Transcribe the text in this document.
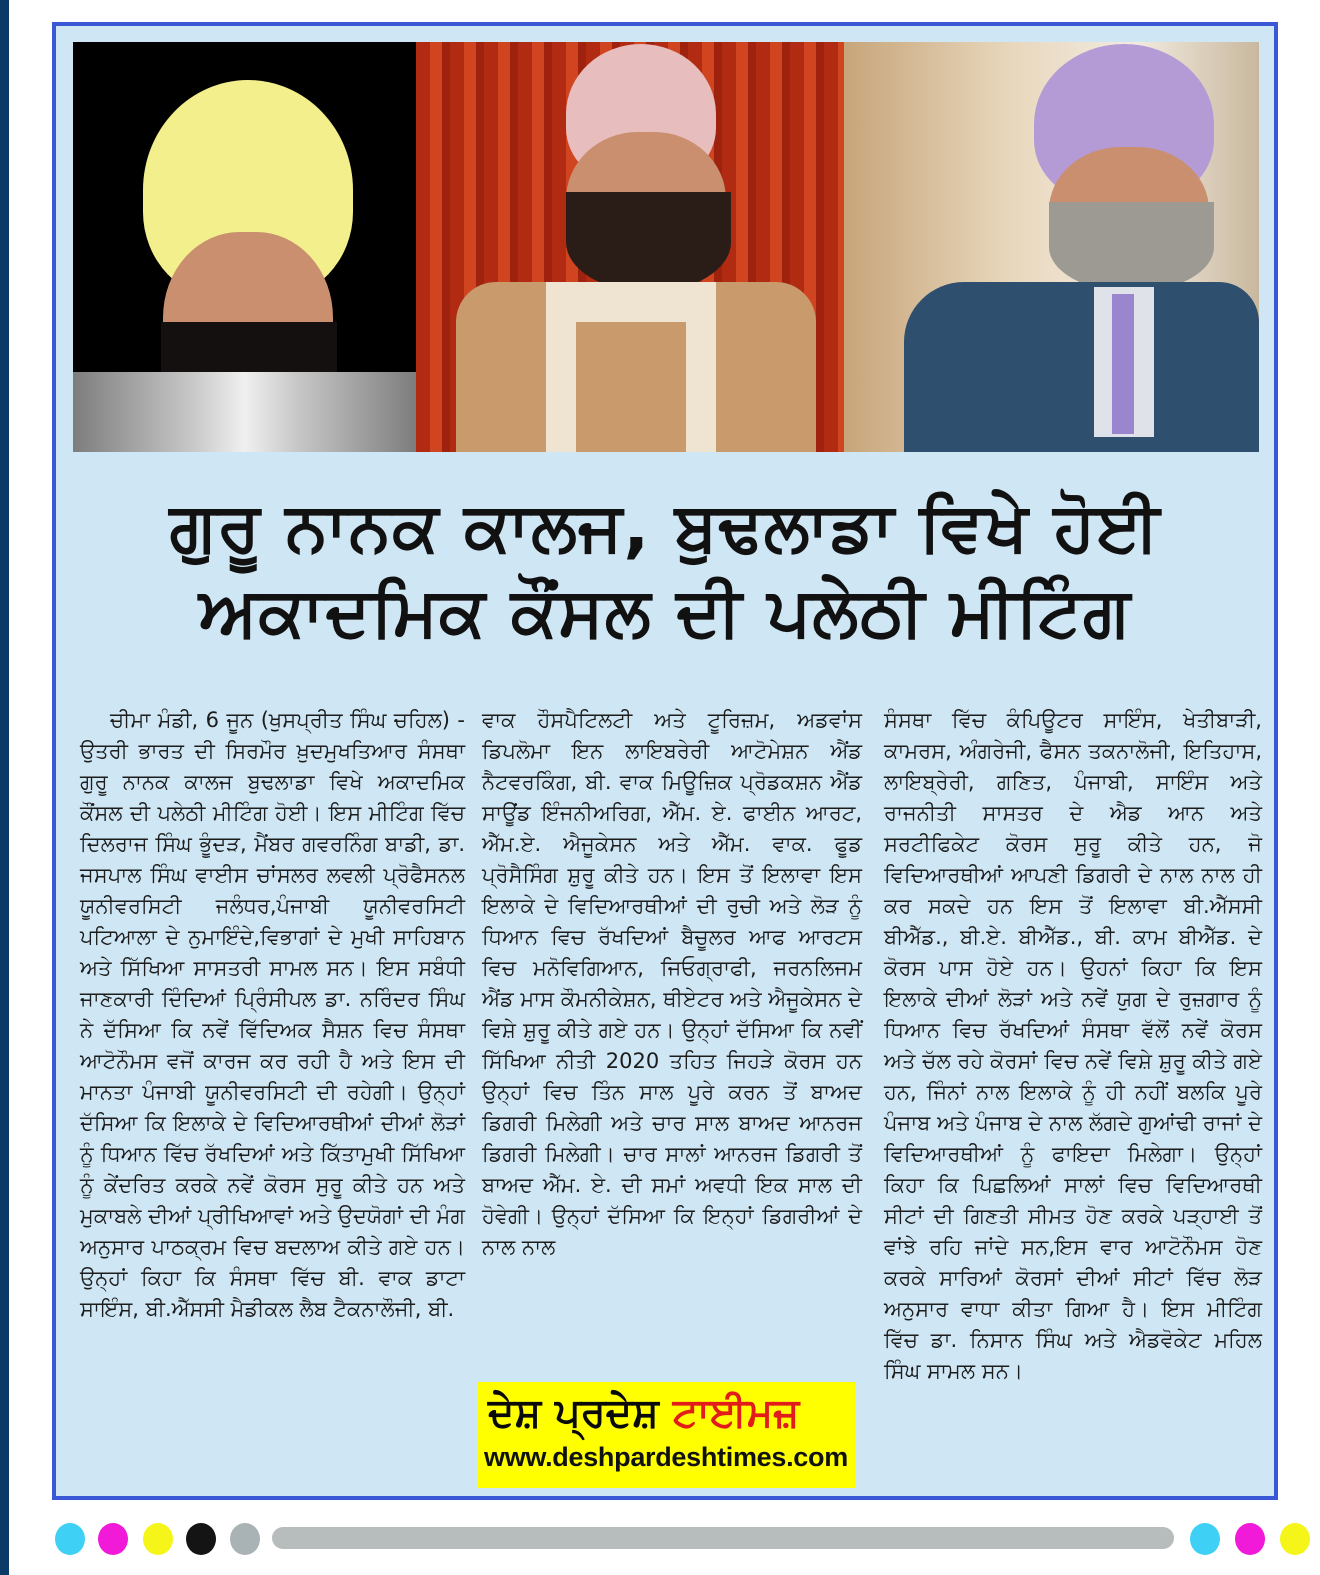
ਗੁਰੂ ਨਾਨਕ ਕਾਲਜ, ਬੁਢਲਾਡਾ ਵਿਖੇ ਹੋਈ
ਅਕਾਦਮਿਕ ਕੌਂਸਲ ਦੀ ਪਲੇਠੀ ਮੀਟਿੰਗ
ਚੀਮਾ ਮੰਡੀ, 6 ਜੂਨ (ਖੁਸਪ੍ਰੀਤ ਸਿੰਘ ਚਹਿਲ) - ਉਤਰੀ ਭਾਰਤ ਦੀ ਸਿਰਮੌਰ ਖ਼ੁਦਮੁਖਤਿਆਰ ਸੰਸਥਾ ਗੁਰੂ ਨਾਨਕ ਕਾਲਜ ਬੁਢਲਾਡਾ ਵਿਖੇ ਅਕਾਦਮਿਕ ਕੌਂਸਲ ਦੀ ਪਲੇਠੀ ਮੀਟਿੰਗ ਹੋਈ। ਇਸ ਮੀਟਿੰਗ ਵਿੱਚ ਦਿਲਰਾਜ ਸਿੰਘ ਭੂੰਦੜ, ਮੈਂਬਰ ਗਵਰਨਿੰਗ ਬਾਡੀ, ਡਾ. ਜਸਪਾਲ ਸਿੰਘ ਵਾਈਸ ਚਾਂਸਲਰ ਲਵਲੀ ਪ੍ਰੋਫੈਸਨਲ ਯੂਨੀਵਰਸਿਟੀ ਜਲੰਧਰ,ਪੰਜਾਬੀ ਯੂਨੀਵਰਸਿਟੀ ਪਟਿਆਲਾ ਦੇ ਨੁਮਾਇੰਦੇ,ਵਿਭਾਗਾਂ ਦੇ ਮੁਖੀ ਸਾਹਿਬਾਨ ਅਤੇ ਸਿੱਖਿਆ ਸਾਸਤਰੀ ਸਾਮਲ ਸਨ। ਇਸ ਸਬੰਧੀ ਜਾਣਕਾਰੀ ਦਿੰਦਿਆਂ ਪ੍ਰਿੰਸੀਪਲ ਡਾ. ਨਰਿੰਦਰ ਸਿੰਘ ਨੇ ਦੱਸਿਆ ਕਿ ਨਵੇਂ ਵਿੱਦਿਅਕ ਸੈਸ਼ਨ ਵਿਚ ਸੰਸਥਾ ਆਟੋਨੌਮਸ ਵਜੋਂ ਕਾਰਜ ਕਰ ਰਹੀ ਹੈ ਅਤੇ ਇਸ ਦੀ ਮਾਨਤਾ ਪੰਜਾਬੀ ਯੂਨੀਵਰਸਿਟੀ ਦੀ ਰਹੇਗੀ। ਉਨ੍ਹਾਂ ਦੱਸਿਆ ਕਿ ਇਲਾਕੇ ਦੇ ਵਿਦਿਆਰਥੀਆਂ ਦੀਆਂ ਲੋੜਾਂ ਨੂੰ ਧਿਆਨ ਵਿੱਚ ਰੱਖਦਿਆਂ ਅਤੇ ਕਿੱਤਾਮੁਖੀ ਸਿੱਖਿਆ ਨੂੰ ਕੇਂਦਰਿਤ ਕਰਕੇ ਨਵੇਂ ਕੋਰਸ ਸੁਰੂ ਕੀਤੇ ਹਨ ਅਤੇ ਮੁਕਾਬਲੇ ਦੀਆਂ ਪ੍ਰੀਖਿਆਵਾਂ ਅਤੇ ਉਦਯੋਗਾਂ ਦੀ ਮੰਗ ਅਨੁਸਾਰ ਪਾਠਕ੍ਰਮ ਵਿਚ ਬਦਲਾਅ ਕੀਤੇ ਗਏ ਹਨ। ਉਨ੍ਹਾਂ ਕਿਹਾ ਕਿ ਸੰਸਥਾ ਵਿੱਚ ਬੀ. ਵਾਕ ਡਾਟਾ ਸਾਇੰਸ, ਬੀ.ਐੱਸਸੀ ਮੈਡੀਕਲ ਲੈਬ ਟੈਕਨਾਲੌਜੀ, ਬੀ.
ਵਾਕ ਹੌਸਪੈਟਿਲਟੀ ਅਤੇ ਟੂਰਿਜ਼ਮ, ਅਡਵਾਂਸ ਡਿਪਲੋਮਾ ਇਨ ਲਾਇਬਰੇਰੀ ਆਟੋਮੇਸ਼ਨ ਐਂਡ ਨੈਟਵਰਕਿੰਗ, ਬੀ. ਵਾਕ ਮਿਊਜ਼ਿਕ ਪ੍ਰੋਡਕਸ਼ਨ ਐਂਡ ਸਾਊਂਡ ਇੰਜਨੀਅਰਿਗ, ਐੱਮ. ਏ. ਫਾਈਨ ਆਰਟ, ਐੱਮ.ਏ. ਐਜੂਕੇਸਨ ਅਤੇ ਐੱਮ. ਵਾਕ. ਫੂਡ ਪ੍ਰੋਸੈਸਿੰਗ ਸ਼ੁਰੂ ਕੀਤੇ ਹਨ। ਇਸ ਤੋਂ ਇਲਾਵਾ ਇਸ ਇਲਾਕੇ ਦੇ ਵਿਦਿਆਰਥੀਆਂ ਦੀ ਰੁਚੀ ਅਤੇ ਲੋੜ ਨੂੰ ਧਿਆਨ ਵਿਚ ਰੱਖਦਿਆਂ ਬੈਚੂਲਰ ਆਫ ਆਰਟਸ ਵਿਚ ਮਨੋਵਿਗਿਆਨ, ਜਿਓਗ੍ਰਾਫੀ, ਜਰਨਲਿਜਮ ਐਂਡ ਮਾਸ ਕੌਮਨੀਕੇਸ਼ਨ, ਥੀਏਟਰ ਅਤੇ ਐਜੂਕੇਸਨ ਦੇ ਵਿਸ਼ੇ ਸ਼ੁਰੂ ਕੀਤੇ ਗਏ ਹਨ। ਉਨ੍ਹਾਂ ਦੱਸਿਆ ਕਿ ਨਵੀਂ ਸਿੱਖਿਆ ਨੀਤੀ 2020 ਤਹਿਤ ਜਿਹੜੇ ਕੋਰਸ ਹਨ ਉਨ੍ਹਾਂ ਵਿਚ ਤਿੰਨ ਸਾਲ ਪੂਰੇ ਕਰਨ ਤੋਂ ਬਾਅਦ ਡਿਗਰੀ ਮਿਲੇਗੀ ਅਤੇ ਚਾਰ ਸਾਲ ਬਾਅਦ ਆਨਰਜ ਡਿਗਰੀ ਮਿਲੇਗੀ। ਚਾਰ ਸਾਲਾਂ ਆਨਰਜ ਡਿਗਰੀ ਤੋਂ ਬਾਅਦ ਐੱਮ. ਏ. ਦੀ ਸਮਾਂ ਅਵਧੀ ਇਕ ਸਾਲ ਦੀ ਹੋਵੇਗੀ। ਉਨ੍ਹਾਂ ਦੱਸਿਆ ਕਿ ਇਨ੍ਹਾਂ ਡਿਗਰੀਆਂ ਦੇ ਨਾਲ ਨਾਲ
ਸੰਸਥਾ ਵਿੱਚ ਕੰਪਿਊਟਰ ਸਾਇੰਸ, ਖੇਤੀਬਾੜੀ, ਕਾਮਰਸ, ਅੰਗਰੇਜੀ, ਫੈਸਨ ਤਕਨਾਲੋਜੀ, ਇਤਿਹਾਸ, ਲਾਇਬ੍ਰੇਰੀ, ਗਣਿਤ, ਪੰਜਾਬੀ, ਸਾਇੰਸ ਅਤੇ ਰਾਜਨੀਤੀ ਸਾਸਤਰ ਦੇ ਐਡ ਆਨ ਅਤੇ ਸਰਟੀਫਿਕੇਟ ਕੋਰਸ ਸੁਰੂ ਕੀਤੇ ਹਨ, ਜੋ ਵਿਦਿਆਰਥੀਆਂ ਆਪਣੀ ਡਿਗਰੀ ਦੇ ਨਾਲ ਨਾਲ ਹੀ ਕਰ ਸਕਦੇ ਹਨ ਇਸ ਤੋਂ ਇਲਾਵਾ ਬੀ.ਐੱਸਸੀ ਬੀਐੱਡ., ਬੀ.ਏ. ਬੀਐੱਡ., ਬੀ. ਕਾਮ ਬੀਐੱਡ. ਦੇ ਕੋਰਸ ਪਾਸ ਹੋਏ ਹਨ। ਉਹਨਾਂ ਕਿਹਾ ਕਿ ਇਸ ਇਲਾਕੇ ਦੀਆਂ ਲੋੜਾਂ ਅਤੇ ਨਵੇਂ ਯੁਗ ਦੇ ਰੁਜ਼ਗਾਰ ਨੂੰ ਧਿਆਨ ਵਿਚ ਰੱਖਦਿਆਂ ਸੰਸਥਾ ਵੱਲੋਂ ਨਵੇਂ ਕੋਰਸ ਅਤੇ ਚੱਲ ਰਹੇ ਕੋਰਸਾਂ ਵਿਚ ਨਵੇਂ ਵਿਸ਼ੇ ਸ਼ੁਰੂ ਕੀਤੇ ਗਏ ਹਨ, ਜਿੰਨਾਂ ਨਾਲ ਇਲਾਕੇ ਨੂੰ ਹੀ ਨਹੀਂ ਬਲਕਿ ਪੂਰੇ ਪੰਜਾਬ ਅਤੇ ਪੰਜਾਬ ਦੇ ਨਾਲ ਲੱਗਦੇ ਗੁਆਂਢੀ ਰਾਜਾਂ ਦੇ ਵਿਦਿਆਰਥੀਆਂ ਨੂੰ ਫਾਇਦਾ ਮਿਲੇਗਾ। ਉਨ੍ਹਾਂ ਕਿਹਾ ਕਿ ਪਿਛਲਿਆਂ ਸਾਲਾਂ ਵਿਚ ਵਿਦਿਆਰਥੀ ਸੀਟਾਂ ਦੀ ਗਿਣਤੀ ਸੀਮਤ ਹੋਣ ਕਰਕੇ ਪੜ੍ਹਾਈ ਤੋਂ ਵਾਂਝੇ ਰਹਿ ਜਾਂਦੇ ਸਨ,ਇਸ ਵਾਰ ਆਟੋਨੌਮਸ ਹੋਣ ਕਰਕੇ ਸਾਰਿਆਂ ਕੋਰਸਾਂ ਦੀਆਂ ਸੀਟਾਂ ਵਿੱਚ ਲੋੜ ਅਨੁਸਾਰ ਵਾਧਾ ਕੀਤਾ ਗਿਆ ਹੈ। ਇਸ ਮੀਟਿੰਗ ਵਿੱਚ ਡਾ. ਨਿਸਾਨ ਸਿੰਘ ਅਤੇ ਐਡਵੋਕੇਟ ਮਹਿਲ ਸਿੰਘ ਸਾਮਲ ਸਨ।
ਦੇਸ਼ ਪ੍ਰਦੇਸ਼ ਟਾਈਮਜ਼
www.deshpardeshtimes.com
